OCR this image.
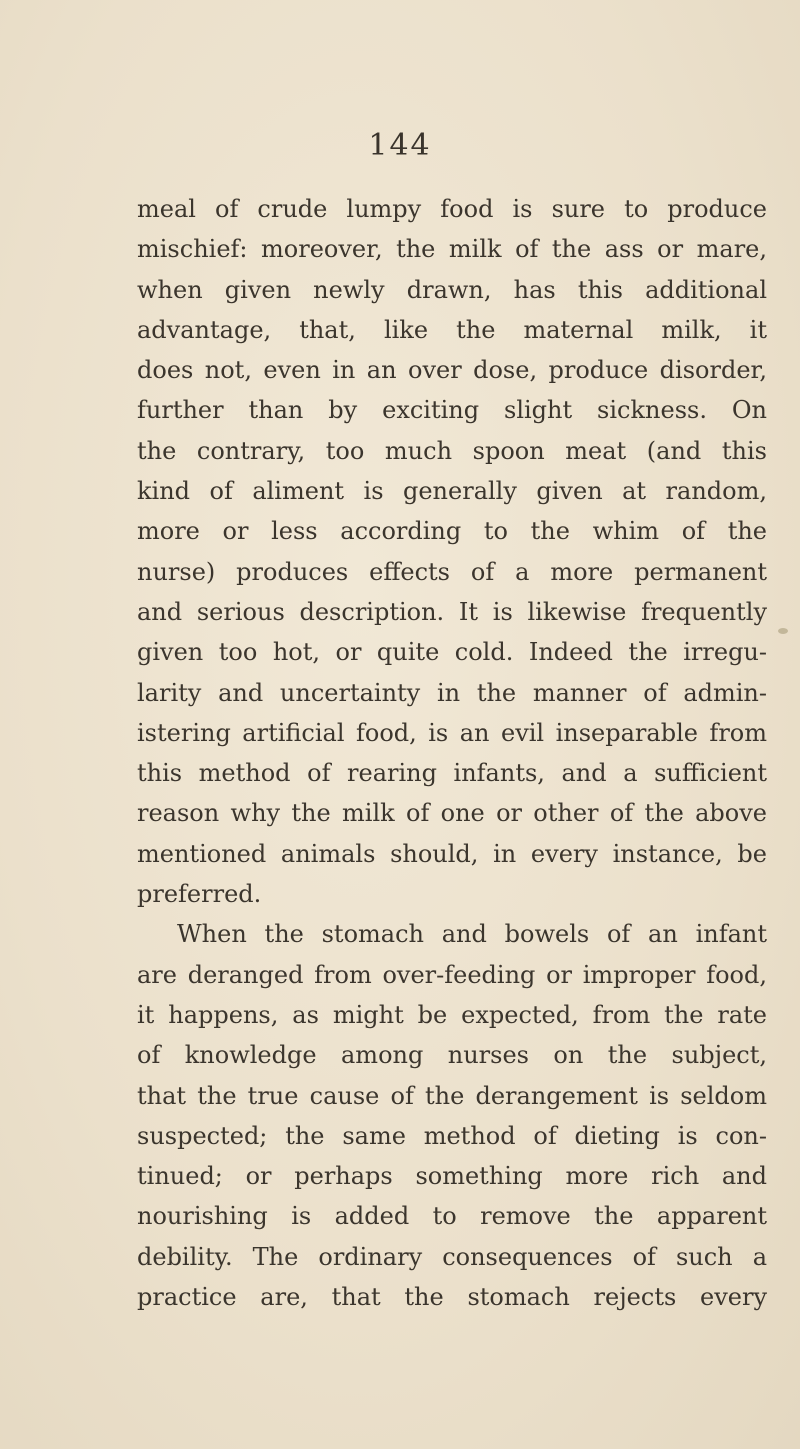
144

meal of crude lumpy food is sure to produce
mischief: moreover, the milk of the ass or mare,
when given newly drawn, has this additional
advantage, that, like the maternal milk, it
does not, even in an over dose, produce disorder,
further than by exciting slight sickness. On
the contrary, too much spoon meat (and this
kind of aliment is generally given at random,
more or less according to the whim of the
nurse) produces effects of a more permanent
and serious description. It is likewise frequently
given too hot, or quite cold. Indeed the irregu-
larity and uncertainty in the manner of admin-
istering artificial food, is an evil inseparable from
this method of rearing infants, and a sufficient
reason why the milk of one or other of the above
mentioned animals should, in every instance, be
preferred.
When the stomach and bowels of an infant
are deranged from over-feeding or improper food,
it happens, as might be expected, from the rate
of knowledge among nurses on the subject,
that the true cause of the derangement is seldom
suspected; the same method of dieting is con-
tinued; or perhaps something more rich and
nourishing is added to remove the apparent
debility. The ordinary consequences of such a
practice are, that the stomach rejects every
